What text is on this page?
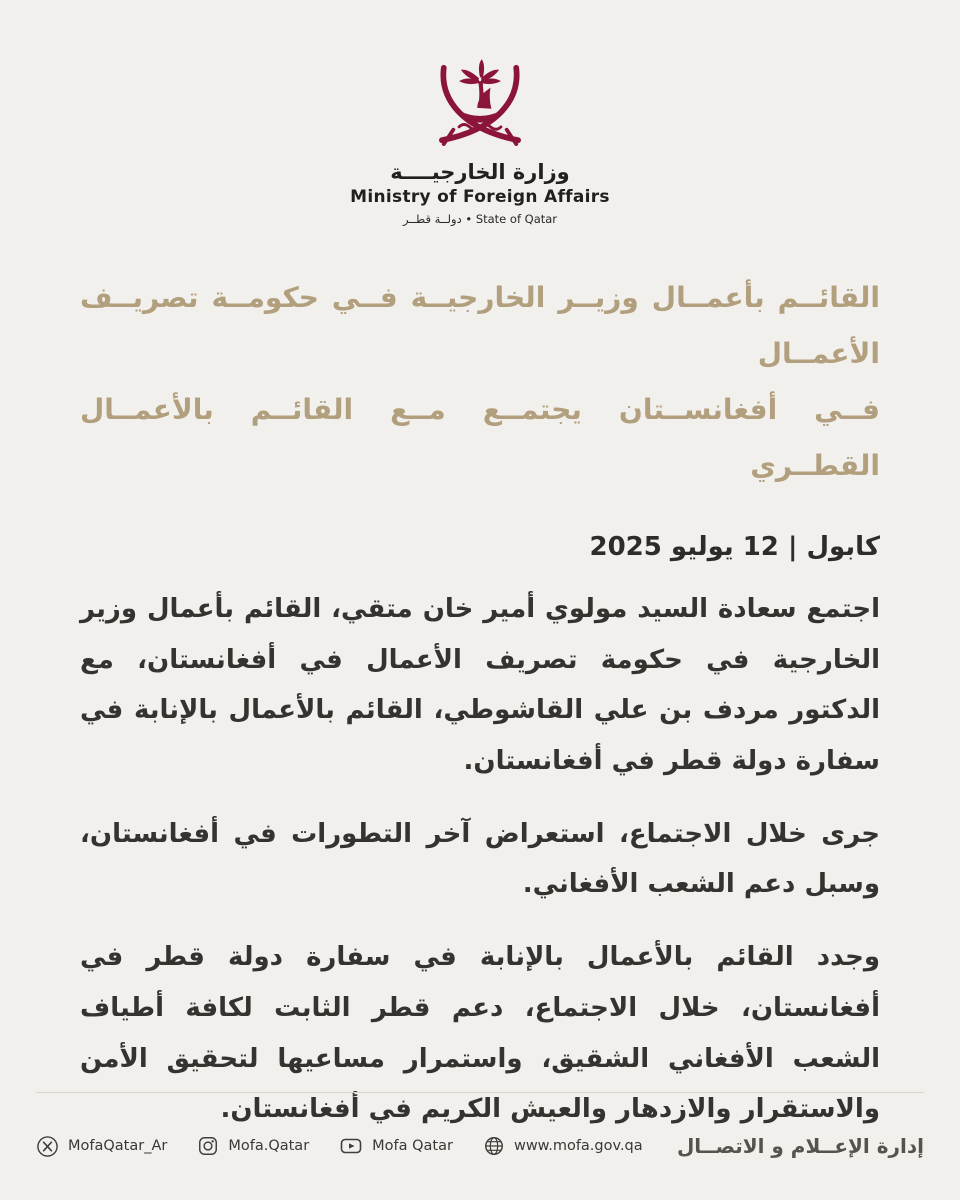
وزارة الخارجيــــة
Ministry of Foreign Affairs
دولــة قطــر • State of Qatar
القائــم بأعمــال وزيــر الخارجيــة فــي حكومــة تصريــف الأعمــال
فــي أفغانســتان يجتمــع مــع القائــم بالأعمــال القطــري
كابول | 12 يوليو 2025

اجتمع سعادة السيد مولوي أمير خان متقي، القائم بأعمال وزير الخارجية في حكومة تصريف الأعمال في أفغانستان، مع الدكتور مردف بن علي القاشوطي، القائم بالأعمال بالإنابة في سفارة دولة قطر في أفغانستان.

جرى خلال الاجتماع، استعراض آخر التطورات في أفغانستان، وسبل دعم الشعب الأفغاني.

وجدد القائم بالأعمال بالإنابة في سفارة دولة قطر في أفغانستان، خلال الاجتماع، دعم قطر الثابت لكافة أطياف الشعب الأفغاني الشقيق، واستمرار مساعيها لتحقيق الأمن والاستقرار والازدهار والعيش الكريم في أفغانستان.

MofaQatar_Ar	Mofa.Qatar	Mofa Qatar	www.mofa.gov.qa إدارة الإعــلام و الاتصــال
